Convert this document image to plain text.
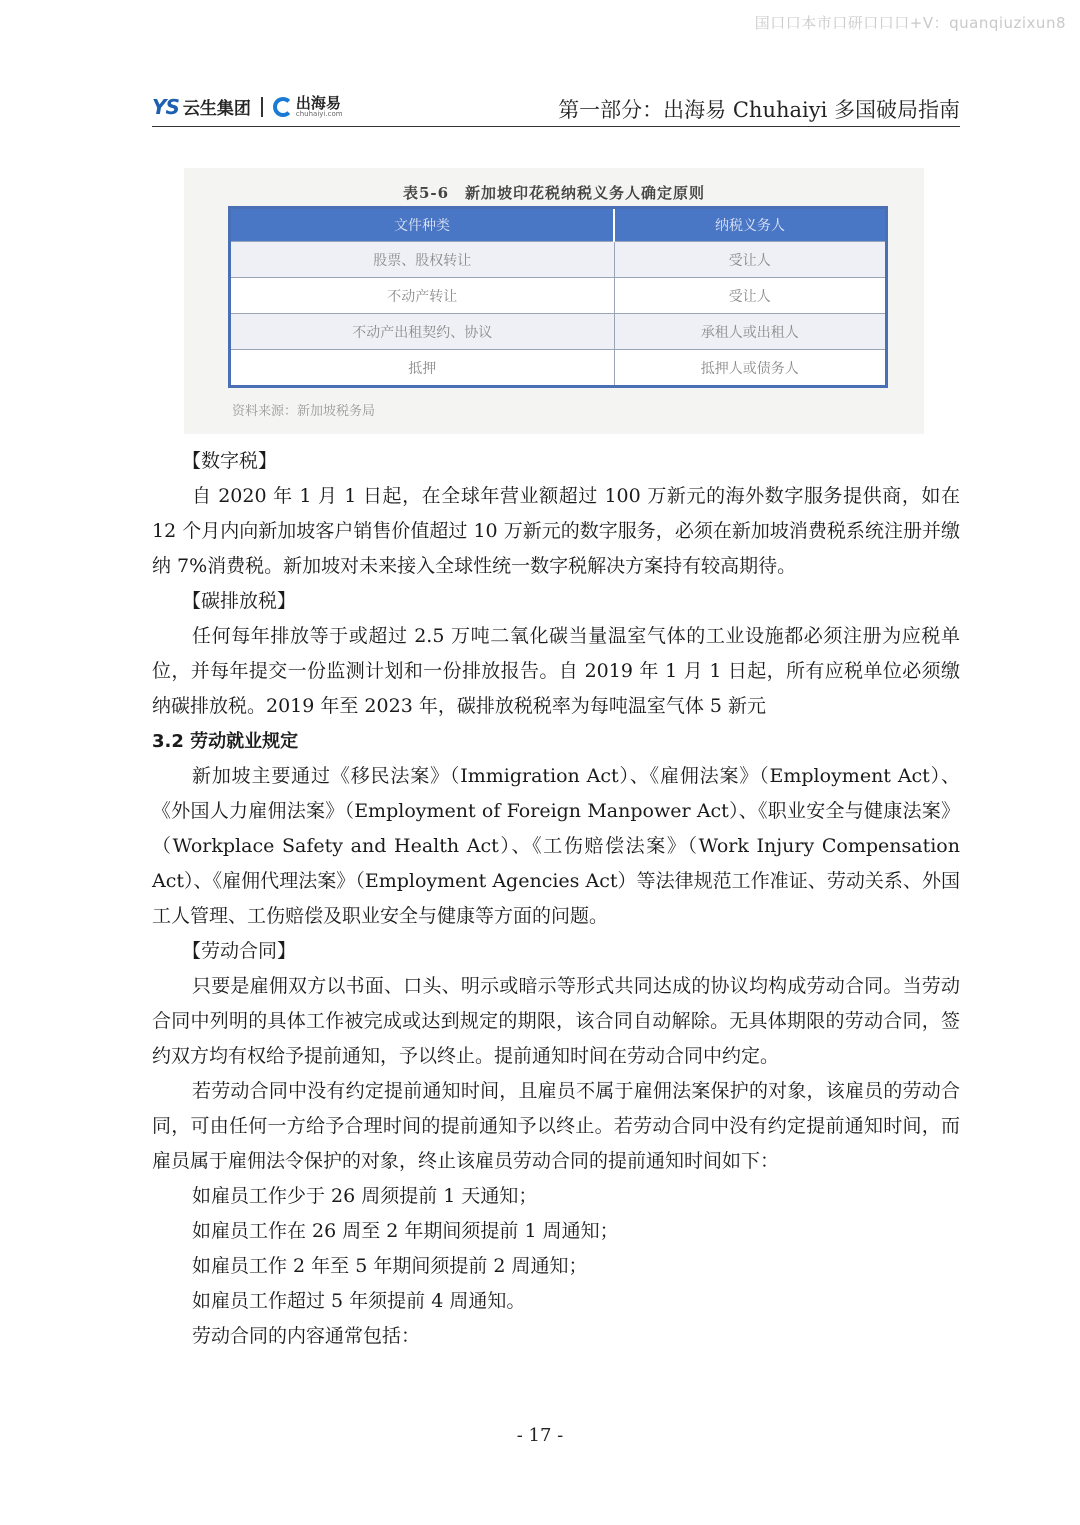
国口口本市口研口口口+V：quanqiuzixun8
YS 云生集团	出海易
chuhaiyi.com	第一部分：出海易 Chuhaiyi 多国破局指南
表5-6　新加坡印花税纳税义务人确定原则
文件种类	纳税义务人
股票、股权转让	受让人
不动产转让	受让人
不动产出租契约、协议	承租人或出租人
抵押	抵押人或债务人
资料来源：新加坡税务局

【数字税】

自 2020 年 1 月 1 日起，在全球年营业额超过 100 万新元的海外数字服务提供商，如在 12 个月内向新加坡客户销售价值超过 10 万新元的数字服务，必须在新加坡消费税系统注册并缴纳 7%消费税。新加坡对未来接入全球性统一数字税解决方案持有较高期待。

【碳排放税】

任何每年排放等于或超过 2.5 万吨二氧化碳当量温室气体的工业设施都必须注册为应税单位，并每年提交一份监测计划和一份排放报告。自 2019 年 1 月 1 日起，所有应税单位必须缴纳碳排放税。2019 年至 2023 年，碳排放税税率为每吨温室气体 5 新元

3.2 劳动就业规定

新加坡主要通过《移民法案》（Immigration Act）、《雇佣法案》（Employment Act）、《外国人力雇佣法案》（Employment of Foreign Manpower Act）、《职业安全与健康法案》（Workplace Safety and Health Act）、《工伤赔偿法案》（Work Injury Compensation Act）、《雇佣代理法案》（Employment Agencies Act）等法律规范工作准证、劳动关系、外国工人管理、工伤赔偿及职业安全与健康等方面的问题。

【劳动合同】

只要是雇佣双方以书面、口头、明示或暗示等形式共同达成的协议均构成劳动合同。当劳动合同中列明的具体工作被完成或达到规定的期限，该合同自动解除。无具体期限的劳动合同，签约双方均有权给予提前通知，予以终止。提前通知时间在劳动合同中约定。

若劳动合同中没有约定提前通知时间，且雇员不属于雇佣法案保护的对象，该雇员的劳动合同，可由任何一方给予合理时间的提前通知予以终止。若劳动合同中没有约定提前通知时间，而雇员属于雇佣法令保护的对象，终止该雇员劳动合同的提前通知时间如下：

如雇员工作少于 26 周须提前 1 天通知；

如雇员工作在 26 周至 2 年期间须提前 1 周通知；

如雇员工作 2 年至 5 年期间须提前 2 周通知；

如雇员工作超过 5 年须提前 4 周通知。

劳动合同的内容通常包括：

- 17 -
